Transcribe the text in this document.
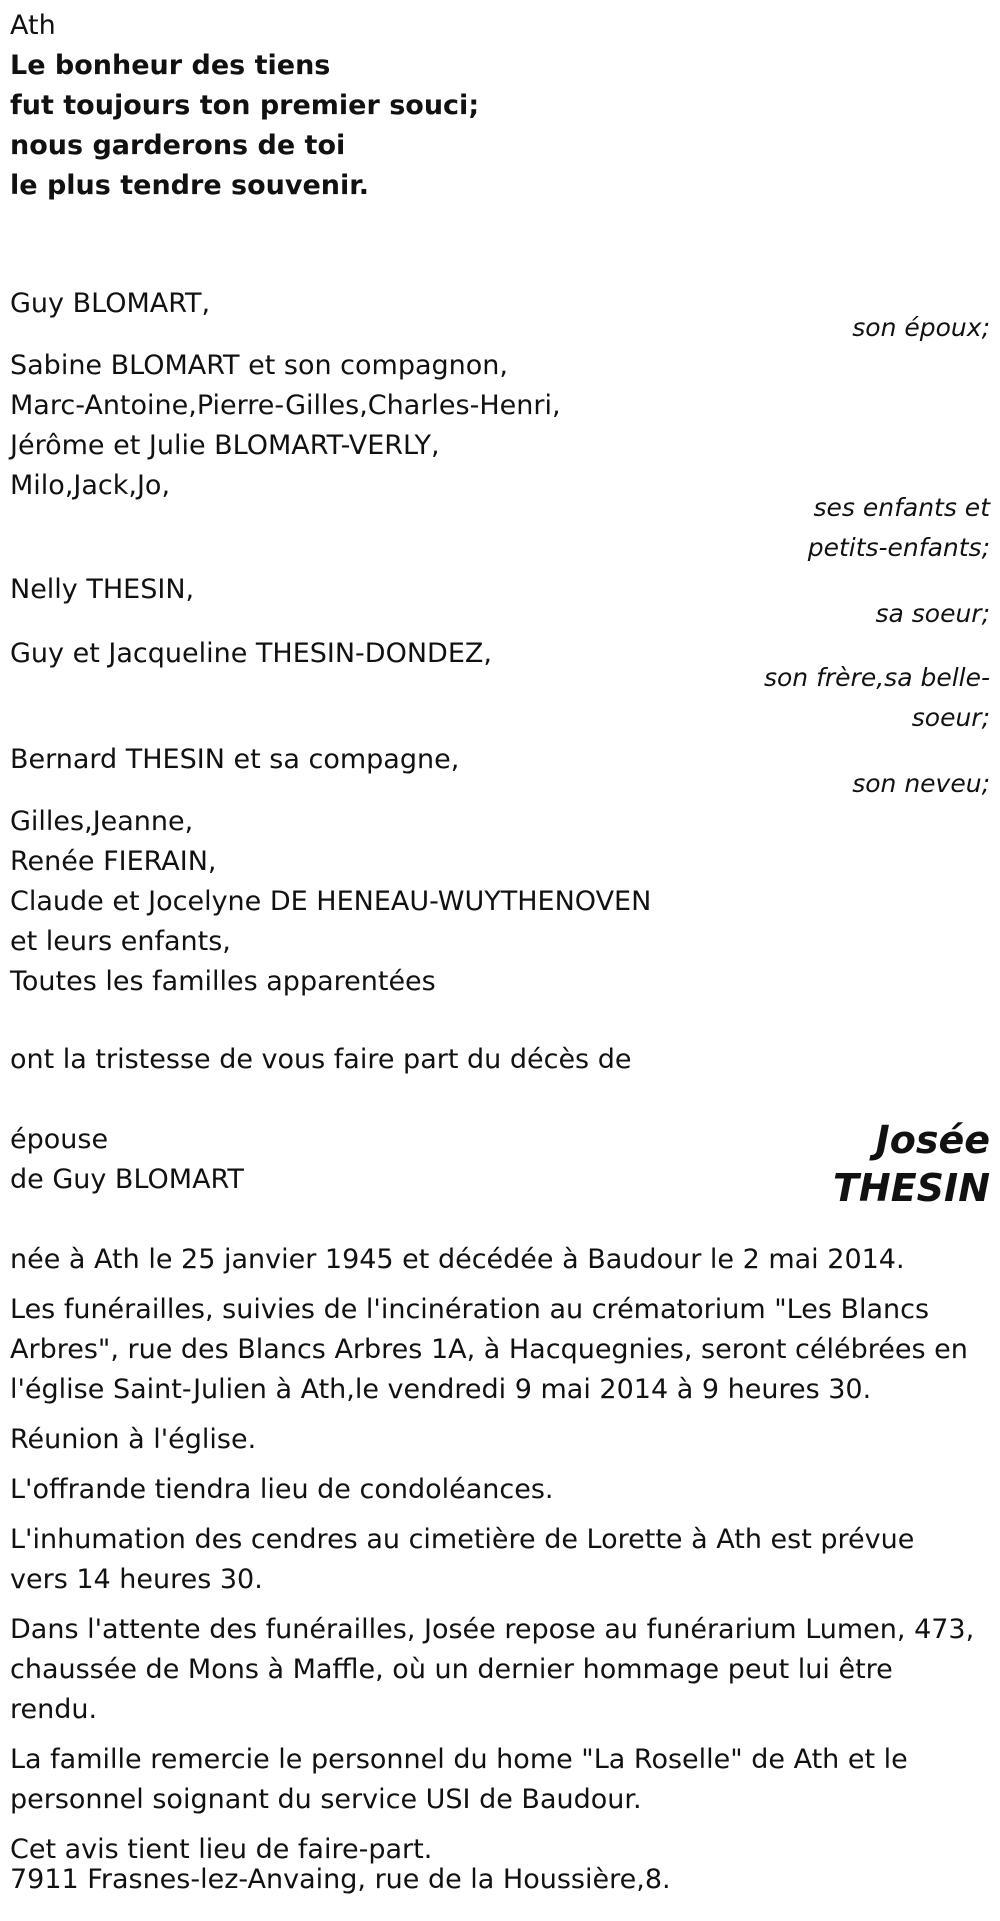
Ath
Le bonheur des tiens
fut toujours ton premier souci;
nous garderons de toi
le plus tendre souvenir.
Guy BLOMART,
son époux;
Sabine BLOMART et son compagnon,
Marc-Antoine,Pierre-Gilles,Charles-Henri,
Jérôme et Julie BLOMART-VERLY,
Milo,Jack,Jo,
ses enfants et
petits-enfants;
Nelly THESIN,
sa soeur;
Guy et Jacqueline THESIN-DONDEZ,
son frère,sa belle-
soeur;
Bernard THESIN et sa compagne,
son neveu;
Gilles,Jeanne,
Renée FIERAIN,
Claude et Jocelyne DE HENEAU-WUYTHENOVEN
et leurs enfants,
Toutes les familles apparentées
ont la tristesse de vous faire part du décès de
épouse
de Guy BLOMART
Josée
THESIN
née à Ath le 25 janvier 1945 et décédée à Baudour le 2 mai 2014.
Les funérailles, suivies de l'incinération au crématorium "Les Blancs Arbres", rue des Blancs Arbres 1A, à Hacquegnies, seront célébrées en l'église Saint-Julien à Ath,le vendredi 9 mai 2014 à 9 heures 30.
Réunion à l'église.
L'offrande tiendra lieu de condoléances.
L'inhumation des cendres au cimetière de Lorette à Ath est prévue vers 14 heures 30.
Dans l'attente des funérailles, Josée repose au funérarium Lumen, 473, chaussée de Mons à Maffle, où un dernier hommage peut lui être rendu.
La famille remercie le personnel du home "La Roselle" de Ath et le personnel soignant du service USI de Baudour.
Cet avis tient lieu de faire-part.
7911 Frasnes-lez-Anvaing, rue de la Houssière,8.
